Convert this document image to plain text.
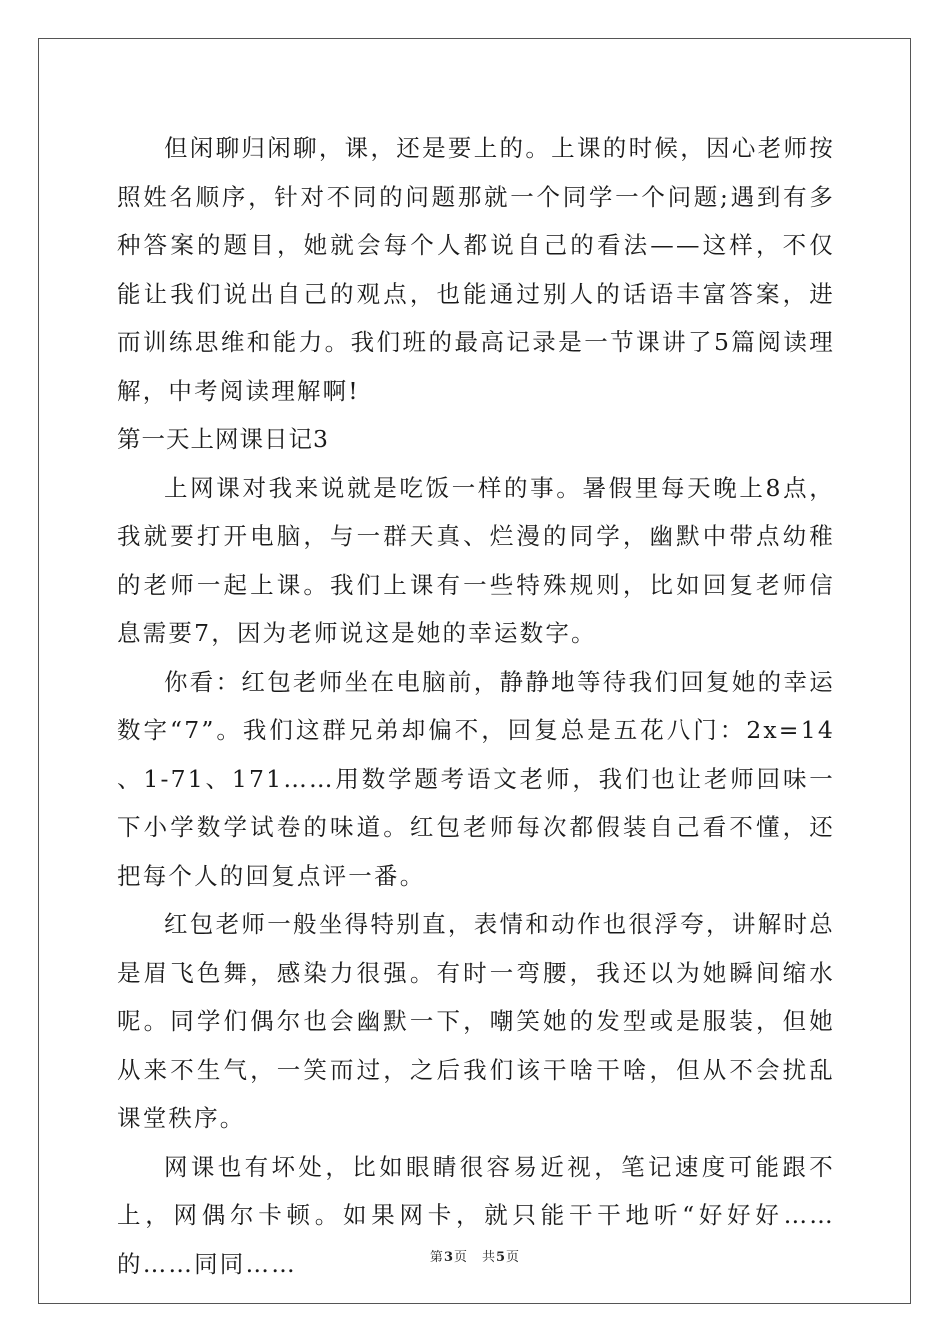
但闲聊归闲聊，课，还是要上的。上课的时候，因心老师按照姓名顺序，针对不同的问题那就一个同学一个问题;遇到有多种答案的题目，她就会每个人都说自己的看法——这样，不仅能让我们说出自己的观点，也能通过别人的话语丰富答案，进而训练思维和能力。我们班的最高记录是一节课讲了5篇阅读理解，中考阅读理解啊!

第一天上网课日记3

上网课对我来说就是吃饭一样的事。暑假里每天晚上8点，我就要打开电脑，与一群天真、烂漫的同学，幽默中带点幼稚的老师一起上课。我们上课有一些特殊规则，比如回复老师信息需要7，因为老师说这是她的幸运数字。

你看：红包老师坐在电脑前，静静地等待我们回复她的幸运数字“7”。我们这群兄弟却偏不，回复总是五花八门：2x=14 、1-71、171……用数学题考语文老师，我们也让老师回味一下小学数学试卷的味道。红包老师每次都假装自己看不懂，还把每个人的回复点评一番。

红包老师一般坐得特别直，表情和动作也很浮夸，讲解时总是眉飞色舞，感染力很强。有时一弯腰，我还以为她瞬间缩水呢。同学们偶尔也会幽默一下，嘲笑她的发型或是服装，但她从来不生气，一笑而过，之后我们该干啥干啥，但从不会扰乱课堂秩序。

网课也有坏处，比如眼睛很容易近视，笔记速度可能跟不上，网偶尔卡顿。如果网卡，就只能干干地听“好好好……的……同同……	第3页　共5页
